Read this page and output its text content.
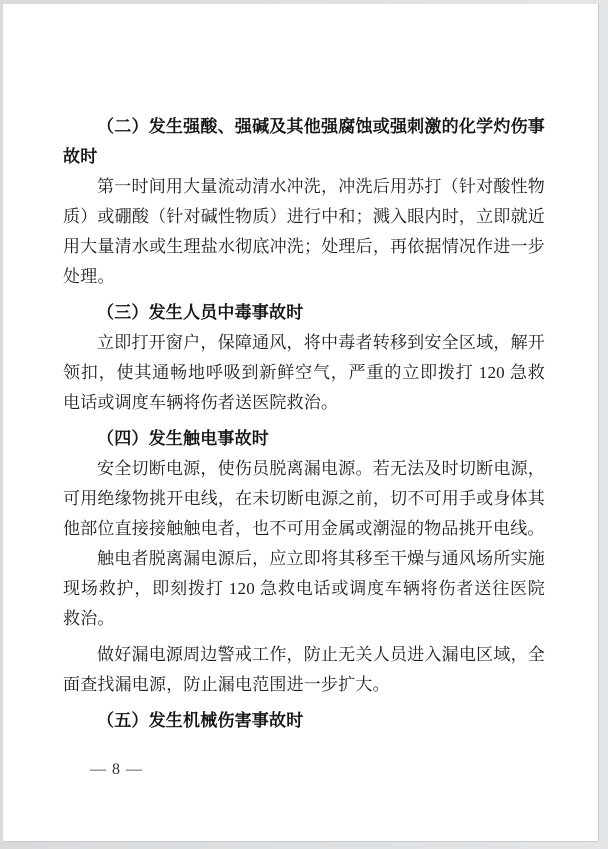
（二）发生强酸、强碱及其他强腐蚀或强刺激的化学灼伤事故时

第一时间用大量流动清水冲洗，冲洗后用苏打（针对酸性物质）或硼酸（针对碱性物质）进行中和；溅入眼内时，立即就近用大量清水或生理盐水彻底冲洗；处理后，再依据情况作进一步处理。

（三）发生人员中毒事故时

立即打开窗户，保障通风，将中毒者转移到安全区域，解开领扣，使其通畅地呼吸到新鲜空气，严重的立即拨打 120 急救电话或调度车辆将伤者送医院救治。

（四）发生触电事故时

安全切断电源，使伤员脱离漏电源。若无法及时切断电源，可用绝缘物挑开电线，在未切断电源之前，切不可用手或身体其他部位直接接触触电者，也不可用金属或潮湿的物品挑开电线。

触电者脱离漏电源后，应立即将其移至干燥与通风场所实施现场救护，即刻拨打 120 急救电话或调度车辆将伤者送往医院救治。

做好漏电源周边警戒工作，防止无关人员进入漏电区域，全面查找漏电源，防止漏电范围进一步扩大。

（五）发生机械伤害事故时
— 8 —
